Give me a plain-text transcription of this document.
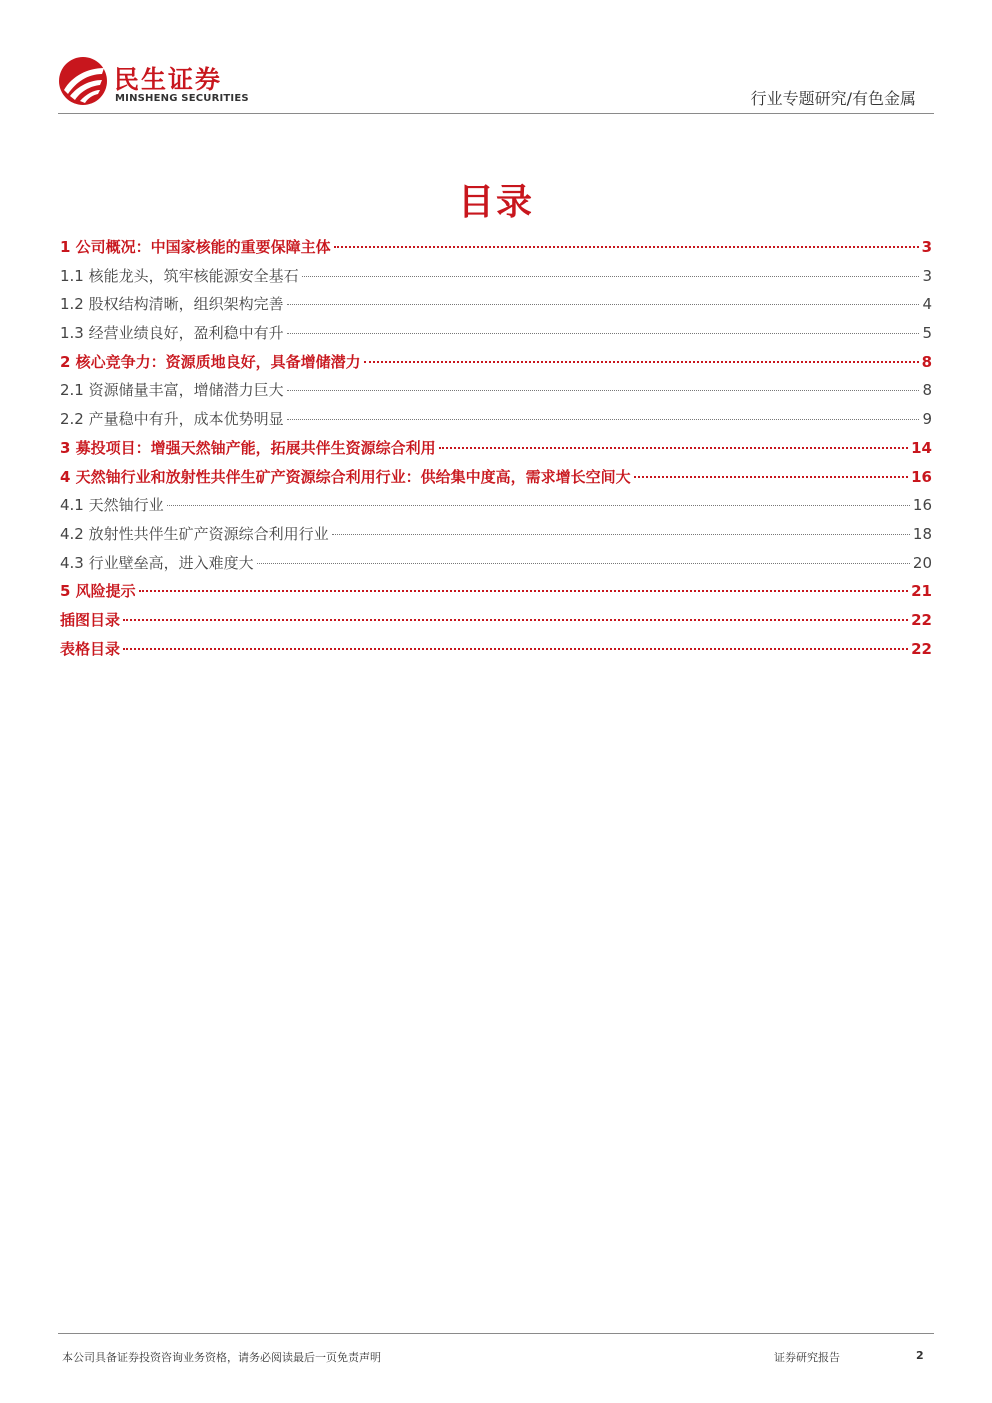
民生证券
MINSHENG SECURITIES	行业专题研究/有色金属
目录
1 公司概况：中国家核能的重要保障主体	3
1.1 核能龙头，筑牢核能源安全基石	3
1.2 股权结构清晰，组织架构完善	4
1.3 经营业绩良好，盈利稳中有升	5
2 核心竞争力：资源质地良好，具备增储潜力	8
2.1 资源储量丰富，增储潜力巨大	8
2.2 产量稳中有升，成本优势明显	9
3 募投项目：增强天然铀产能，拓展共伴生资源综合利用	14
4 天然铀行业和放射性共伴生矿产资源综合利用行业：供给集中度高，需求增长空间大	16
4.1 天然铀行业	16
4.2 放射性共伴生矿产资源综合利用行业	18
4.3 行业壁垒高，进入难度大	20
5 风险提示	21
插图目录	22
表格目录	22
本公司具备证券投资咨询业务资格，请务必阅读最后一页免责声明	证券研究报告	2
